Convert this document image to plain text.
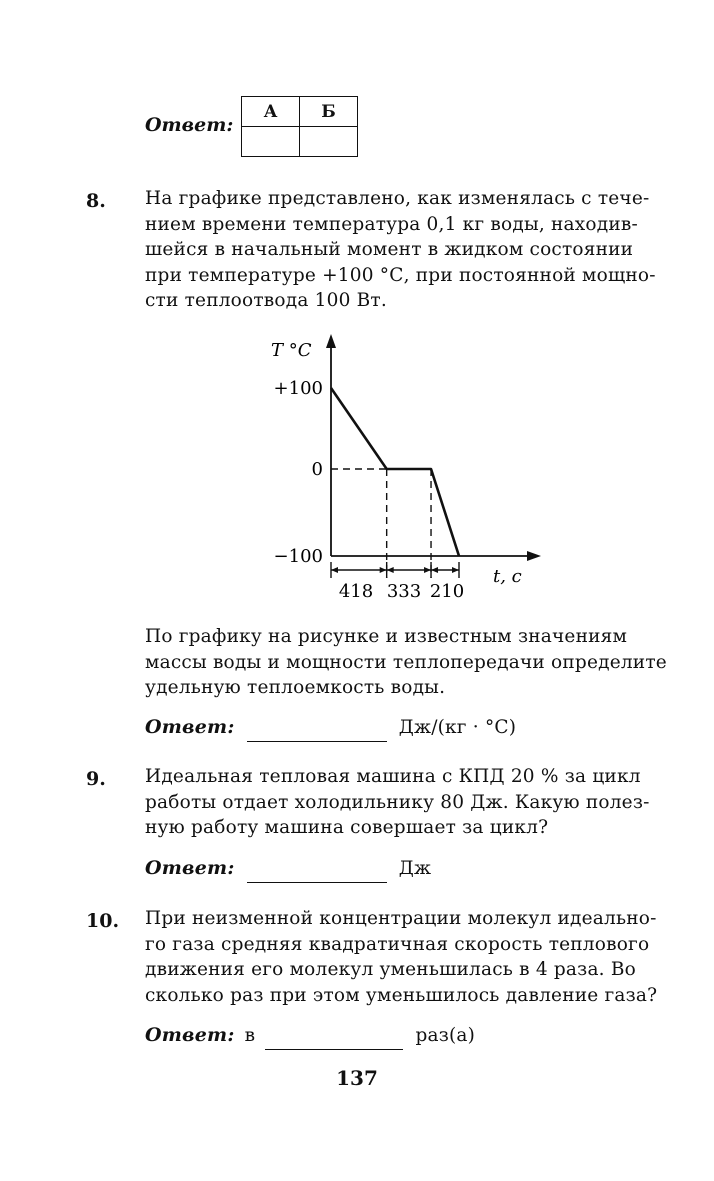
Ответ:
А	Б

8. На графике представлено, как изменялась с тече-
нием времени температура 0,1 кг воды, находив-
шейся в начальный момент в жидком состоянии
при температуре +100 °С, при постоянной мощно-
сти теплоотвода 100 Вт.
T °C
t, c
+100
0
−100
418 333 210
По графику на рисунке и известным значениям
массы воды и мощности теплопередачи определите
удельную теплоемкость воды.
Ответ:	Дж/(кг · °С)
9. Идеальная тепловая машина с КПД 20 % за цикл
работы отдает холодильнику 80 Дж. Какую полез-
ную работу машина совершает за цикл?
Ответ:	Дж
10. При неизменной концентрации молекул идеально-
го газа средняя квадратичная скорость теплового
движения его молекул уменьшилась в 4 раза. Во
сколько раз при этом уменьшилось давление газа?
Ответ: в	раз(а)
137
